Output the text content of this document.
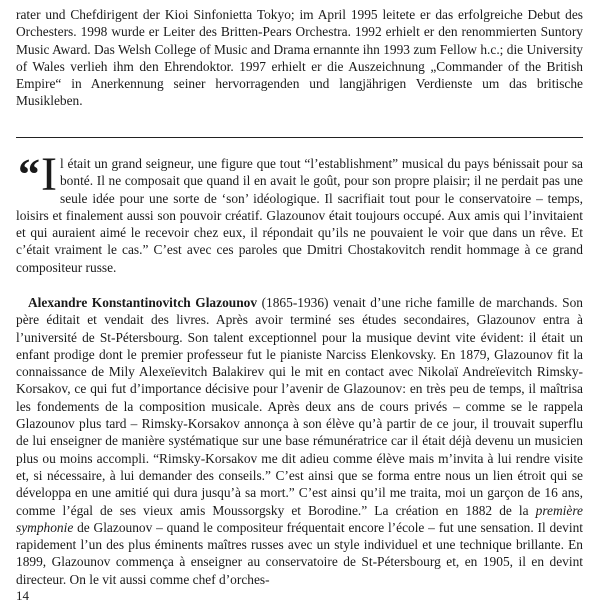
rater und Chefdirigent der Kioi Sinfonietta Tokyo; im April 1995 leitete er das erfolgreiche Debut des Orchesters. 1998 wurde er Leiter des Britten-Pears Orchestra. 1992 erhielt er den renommierten Suntory Music Award. Das Welsh College of Music and Drama ernannte ihn 1993 zum Fellow h.c.; die University of Wales verlieh ihm den Ehrendoktor. 1997 erhielt er die Auszeichnung „Commander of the British Empire“ in Anerkennung seiner hervorragenden und langjährigen Verdienste um das britische Musikleben.
“ I l était un grand seigneur, une figure que tout “l’establishment” musical du pays bénissait pour sa bonté. Il ne composait que quand il en avait le goût, pour son propre plaisir; il ne perdait pas une seule idée pour une sorte de ‘son’ idéologique. Il sacrifiait tout pour le conservatoire – temps, loisirs et finalement aussi son pouvoir créatif. Glazounov était toujours occupé. Aux amis qui l’invitaient et qui auraient aimé le recevoir chez eux, il répondait qu’ils ne pouvaient le voir que dans un rêve. Et c’était vraiment le cas.” C’est avec ces paroles que Dmitri Chostakovitch rendit hommage à ce grand compositeur russe.
Alexandre Konstantinovitch Glazounov (1865-1936) venait d’une riche famille de marchands. Son père éditait et vendait des livres. Après avoir terminé ses études secondaires, Glazounov entra à l’université de St-Pétersbourg. Son talent exceptionnel pour la musique devint vite évident: il était un enfant prodige dont le premier professeur fut le pianiste Narciss Elenkovsky. En 1879, Glazounov fit la connaissance de Mily Alexeïevitch Balakirev qui le mit en contact avec Nikolaï Andreïevitch Rimsky-Korsakov, ce qui fut d’importance décisive pour l’avenir de Glazounov: en très peu de temps, il maîtrisa les fondements de la composition musicale. Après deux ans de cours privés – comme se le rappela Glazounov plus tard – Rimsky-Korsakov annonça à son élève qu’à partir de ce jour, il trouvait superflu de lui enseigner de manière systématique sur une base rémunératrice car il était déjà devenu un musicien plus ou moins accompli. “Rimsky-Korsakov me dit adieu comme élève mais m’invita à lui rendre visite et, si nécessaire, à lui demander des conseils.” C’est ainsi que se forma entre nous un lien étroit qui se développa en une amitié qui dura jusqu’à sa mort.” C’est ainsi qu’il me traita, moi un garçon de 16 ans, comme l’égal de ses vieux amis Moussorgsky et Borodine.” La création en 1882 de la première symphonie de Glazounov – quand le compositeur fréquentait encore l’école – fut une sensation. Il devint rapidement l’un des plus éminents maîtres russes avec un style individuel et une technique brillante. En 1899, Glazounov commença à enseigner au conservatoire de St-Pétersbourg et, en 1905, il en devint directeur. On le vit aussi comme chef d’orches-
14
